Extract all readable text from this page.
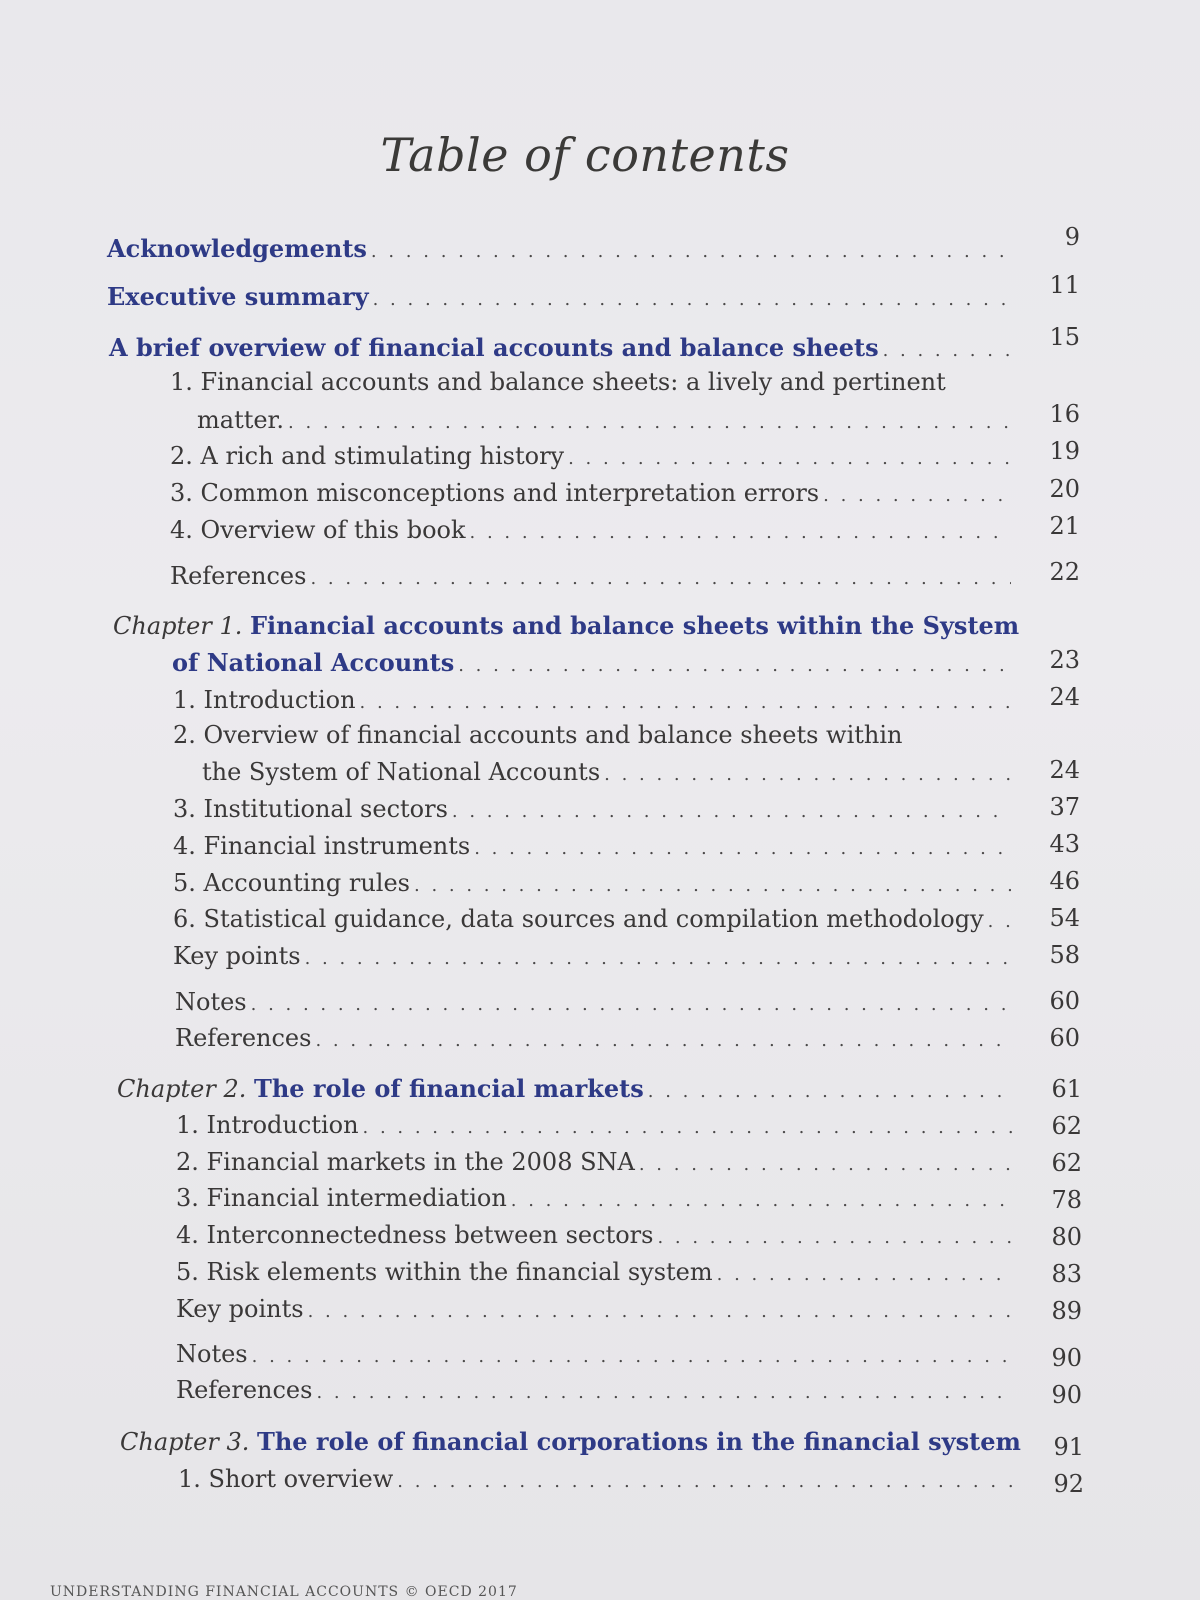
Table of contents
Acknowledgements . . .	9
Executive summary . . .	11
A brief overview of financial accounts and balance sheets . . .	15
1. Financial accounts and balance sheets: a lively and pertinent
matter. . . .	16
2. A rich and stimulating history . . .	19
3. Common misconceptions and interpretation errors . . .	20
4. Overview of this book . . .	21
References . . .	22
Chapter 1. Financial accounts and balance sheets within the System
of National Accounts . . .	23
1. Introduction . . .	24
2. Overview of financial accounts and balance sheets within
the System of National Accounts . . .	24
3. Institutional sectors . . .	37
4. Financial instruments . . .	43
5. Accounting rules . . .	46
6. Statistical guidance, data sources and compilation methodology . . .	54
Key points . . .	58
Notes . . .	60
References . . .	60
Chapter 2. The role of financial markets . . .	61
1. Introduction . . .	62
2. Financial markets in the 2008 SNA . . .	62
3. Financial intermediation . . .	78
4. Interconnectedness between sectors . . .	80
5. Risk elements within the financial system . . .	83
Key points . . .	89
Notes . . .	90
References . . .	90
Chapter 3. The role of financial corporations in the financial system	91
1. Short overview . . .	92
UNDERSTANDING FINANCIAL ACCOUNTS © OECD 2017
